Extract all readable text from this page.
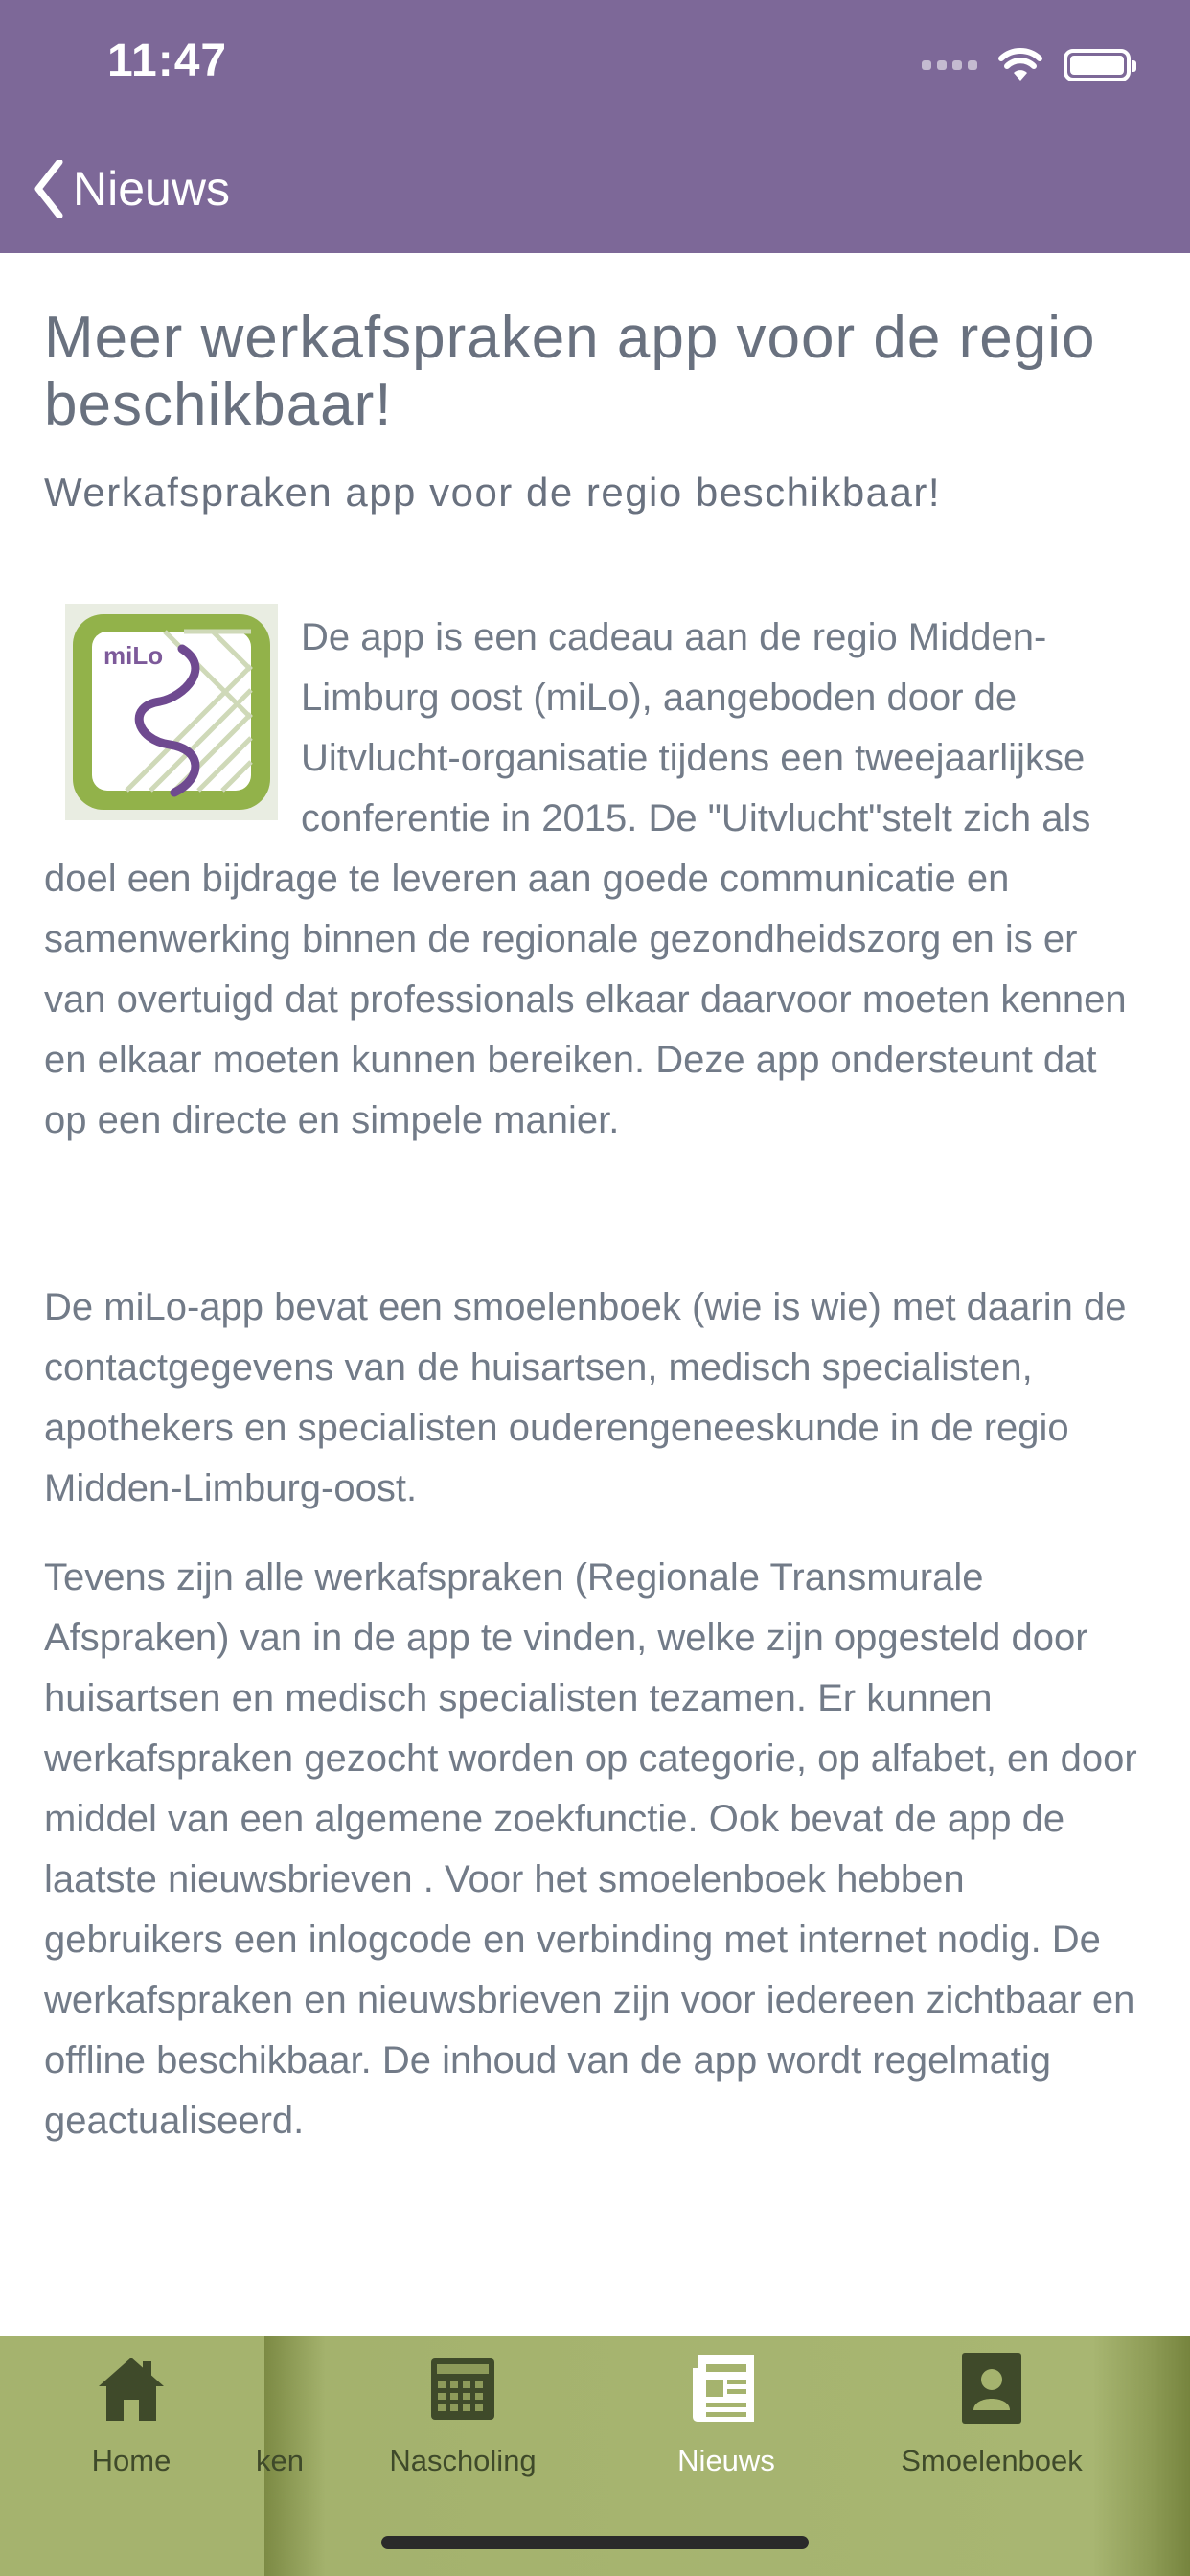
11:47
Nieuws
Meer werkafspraken app voor de regio beschikbaar!
Werkafspraken app voor de regio beschikbaar!
miLo	De app is een cadeau aan de regio Midden-Limburg oost (miLo), aangeboden door de Uitvlucht-organisatie tijdens een tweejaarlijkse conferentie in 2015. De "Uitvlucht"stelt zich als doel een bijdrage te leveren aan goede communicatie en samenwerking binnen de regionale gezondheidszorg en is er van overtuigd dat professionals elkaar daarvoor moeten kennen en elkaar moeten kunnen bereiken. Deze app ondersteunt dat op een directe en simpele manier.

De miLo-app bevat een smoelenboek (wie is wie) met daarin de contactgegevens van de huisartsen, medisch specialisten, apothekers en specialisten ouderengeneeskunde in de regio Midden-Limburg-oost.

Tevens zijn alle werkafspraken (Regionale Transmurale Afspraken) van in de app te vinden, welke zijn opgesteld door huisartsen en medisch specialisten tezamen. Er kunnen werkafspraken gezocht worden op categorie, op alfabet, en door middel van een algemene zoekfunctie. Ook bevat de app de laatste nieuwsbrieven . Voor het smoelenboek hebben gebruikers een inlogcode en verbinding met internet nodig. De werkafspraken en nieuwsbrieven zijn voor iedereen zichtbaar en offline beschikbaar. De inhoud van de app wordt regelmatig geactualiseerd.

Home	ken	Nascholing	Nieuws	Smoelenboek
